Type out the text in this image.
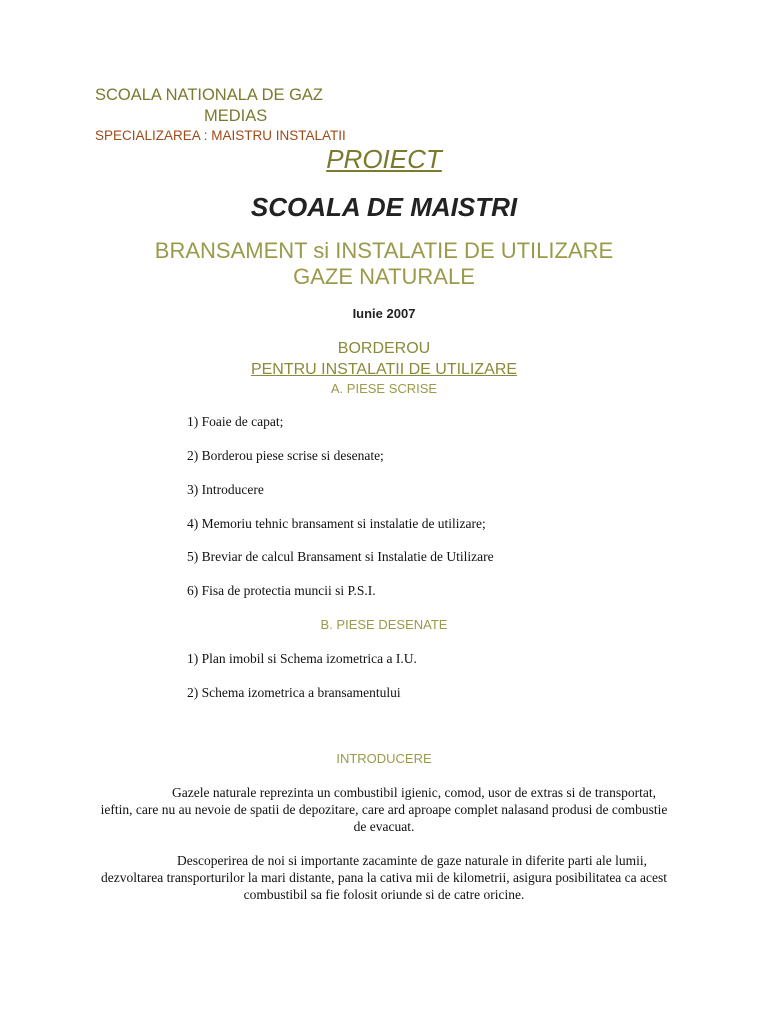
SCOALA NATIONALA DE GAZ

MEDIAS

SPECIALIZAREA : MAISTRU INSTALATII

PROIECT

SCOALA DE MAISTRI

BRANSAMENT si INSTALATIE DE UTILIZARE

GAZE NATURALE

Iunie 2007

BORDEROU

PENTRU INSTALATII DE UTILIZARE

A. PIESE SCRISE

1) Foaie de capat;

2) Borderou piese scrise si desenate;

3) Introducere

4) Memoriu tehnic bransament si instalatie de utilizare;

5) Breviar de calcul Bransament si Instalatie de Utilizare

6) Fisa de protectia muncii si P.S.I.

B. PIESE DESENATE

1) Plan imobil si Schema izometrica a I.U.

2) Schema izometrica a bransamentului

INTRODUCERE

Gazele naturale reprezinta un combustibil igienic, comod, usor de extras si de transportat, ieftin, care nu au nevoie de spatii de depozitare, care ard aproape complet nalasand produsi de combustie de evacuat.

Descoperirea de noi si importante zacaminte de gaze naturale in diferite parti ale lumii, dezvoltarea transporturilor la mari distante, pana la cativa mii de kilometrii, asigura posibilitatea ca acest combustibil sa fie folosit oriunde si de catre oricine.
